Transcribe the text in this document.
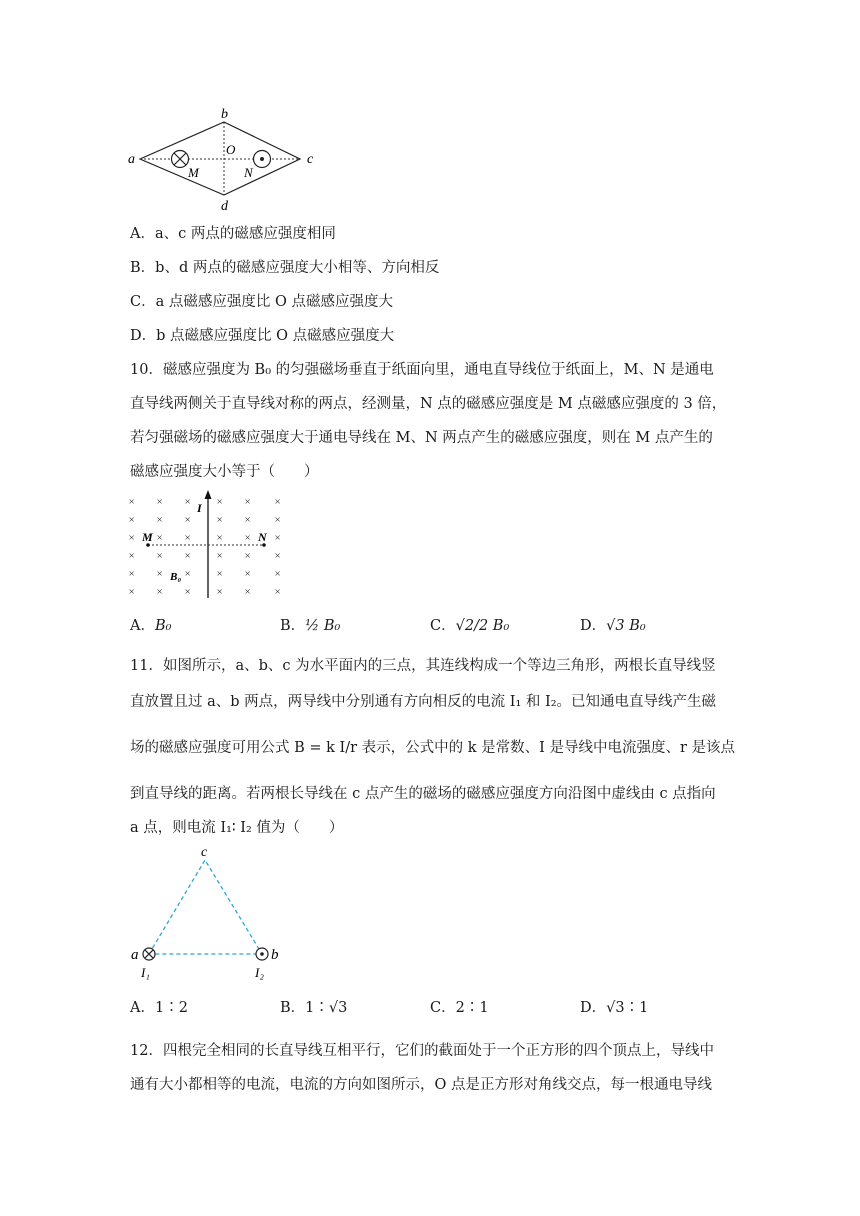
a
b
c
d
O
M	N
A．a、c 两点的磁感应强度相同
B．b、d 两点的磁感应强度大小相等、方向相反
C．a 点磁感应强度比 O 点磁感应强度大
D．b 点磁感应强度比 O 点磁感应强度大
10．磁感应强度为 B₀ 的匀强磁场垂直于纸面向里，通电直导线位于纸面上，M、N 是通电
直导线两侧关于直导线对称的两点，经测量，N 点的磁感应强度是 M 点磁感应强度的 3 倍，
若匀强磁场的磁感应强度大于通电导线在 M、N 两点产生的磁感应强度，则在 M 点产生的
磁感应强度大小等于（　　）
× × × × × ×
× × × × × ×
× × × × × ×
× × × × × ×
× × × × × ×
× × × × × ×
I
M	N
B₀
A．B₀	B．½ B₀	C．√2/2 B₀	D．√3 B₀
11．如图所示，a、b、c 为水平面内的三点，其连线构成一个等边三角形，两根长直导线竖
直放置且过 a、b 两点，两导线中分别通有方向相反的电流 I₁ 和 I₂。已知通电直导线产生磁
场的磁感应强度可用公式 B = k I/r 表示，公式中的 k 是常数、I 是导线中电流强度、r 是该点
到直导线的距离。若两根长导线在 c 点产生的磁场的磁感应强度方向沿图中虚线由 c 点指向
a 点，则电流 I₁∶ I₂ 值为（　　）
c
a	b
I₁	I₂
A．1∶2	B．1∶√3	C．2∶1	D．√3∶1
12．四根完全相同的长直导线互相平行，它们的截面处于一个正方形的四个顶点上，导线中
通有大小都相等的电流，电流的方向如图所示，O 点是正方形对角线交点，每一根通电导线
